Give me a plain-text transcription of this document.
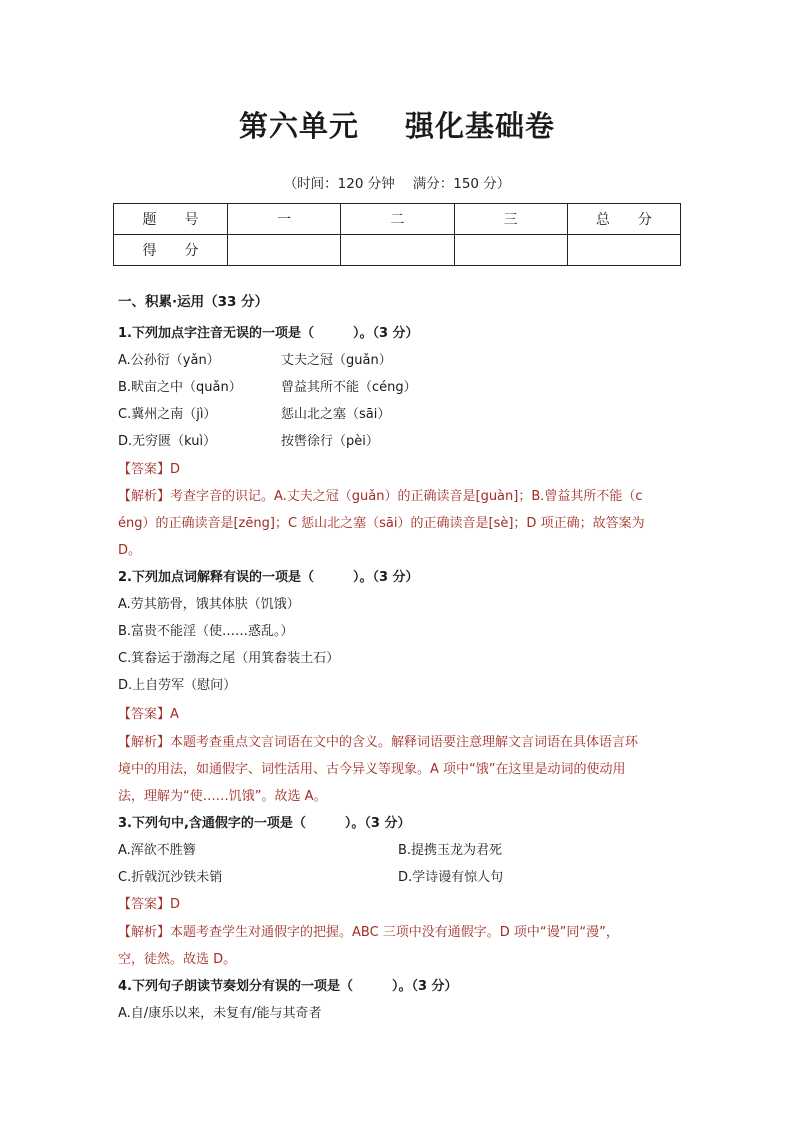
第六单元 强化基础卷
（时间：120 分钟 满分：150 分）
题　　号	一	二	三	总　　分
得　　分				
一、积累·运用（33 分）
1.下列加点字注音无误的一项是（　　　）。（3 分）
A.公孙衍（yǎn）	丈夫之冠（guǎn）
B.畎亩之中（quǎn）	曾益其所不能（céng）
C.冀州之南（jì）	惩山北之塞（sāi）
D.无穷匮（kuì）	按辔徐行（pèi）
【答案】D
【解析】考查字音的识记。A.丈夫之冠（guǎn）的正确读音是[guàn]；B.曾益其所不能（c
éng）的正确读音是[zēng]；C 惩山北之塞（sāi）的正确读音是[sè]；D 项正确；故答案为
D。
2.下列加点词解释有误的一项是（　　　）。（3 分）
A.劳其筋骨，饿其体肤（饥饿）
B.富贵不能淫（使……惑乱。）
C.箕畚运于渤海之尾（用箕畚装土石）
D.上自劳军（慰问）
【答案】A
【解析】本题考查重点文言词语在文中的含义。解释词语要注意理解文言词语在具体语言环
境中的用法，如通假字、词性活用、古今异义等现象。A 项中“饿”在这里是动词的使动用
法，理解为“使……饥饿”。故选 A。
3.下列句中,含通假字的一项是（　　　）。（3 分）
A.浑欲不胜簪	B.提携玉龙为君死
C.折戟沉沙铁未销	D.学诗谩有惊人句
【答案】D
【解析】本题考查学生对通假字的把握。ABC 三项中没有通假字。D 项中“谩”同“漫”，
空，徒然。故选 D。
4.下列句子朗读节奏划分有误的一项是（　　　）。（3 分）
A.自/康乐以来，未复有/能与其奇者
